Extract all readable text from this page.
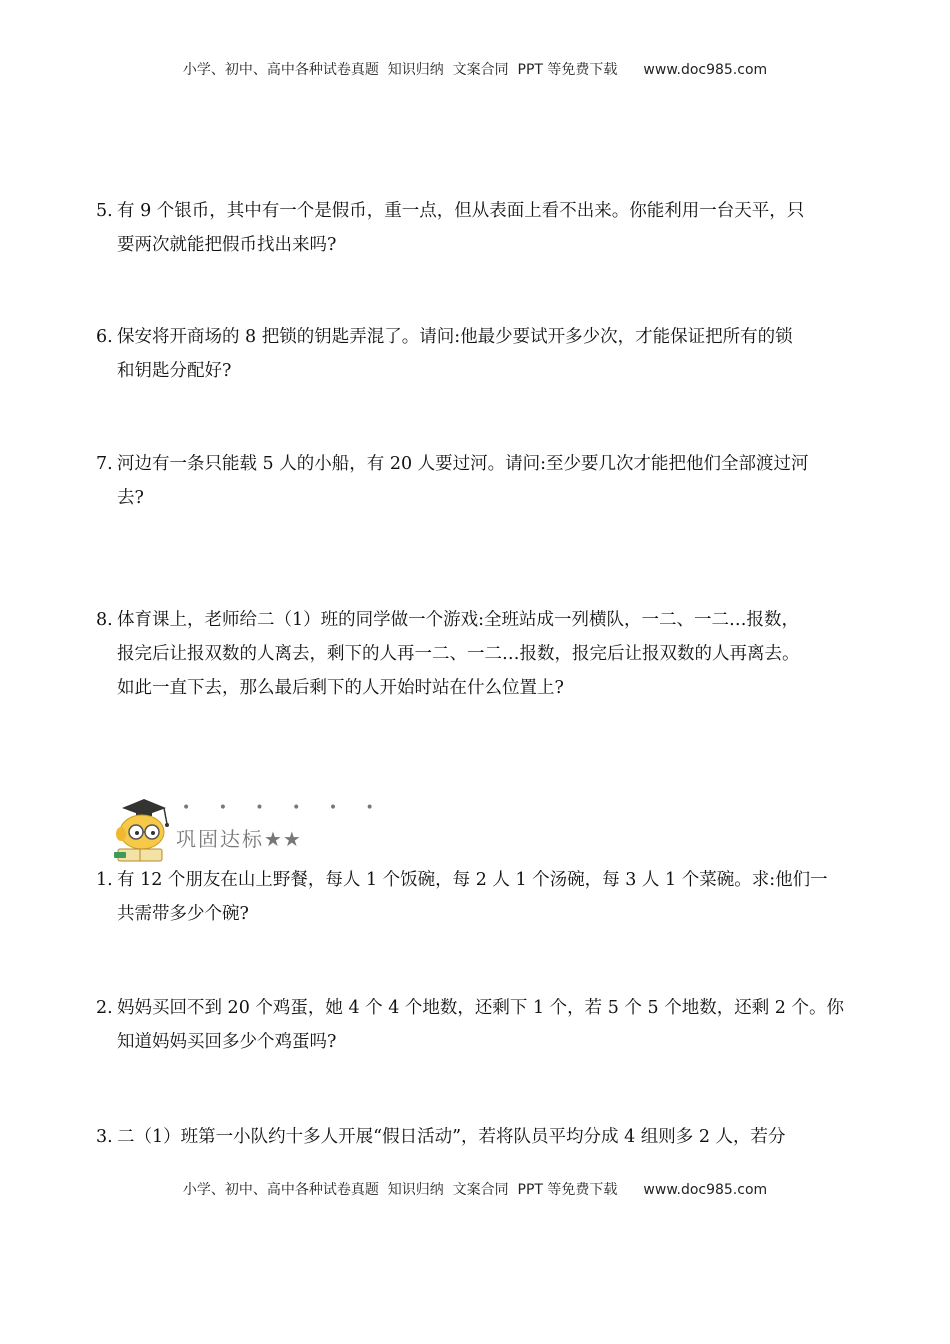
小学、初中、高中各种试卷真题  知识归纳  文案合同  PPT 等免费下载 www.doc985.com
5. 有 9 个银币，其中有一个是假币，重一点，但从表面上看不出来。你能利用一台天平，只
要两次就能把假币找出来吗?
6. 保安将开商场的 8 把锁的钥匙弄混了。请问:他最少要试开多少次，才能保证把所有的锁
和钥匙分配好?
7. 河边有一条只能载 5 人的小船，有 20 人要过河。请问:至少要几次才能把他们全部渡过河
去?
8. 体育课上，老师给二（1）班的同学做一个游戏:全班站成一列横队，一二、一二…报数，
报完后让报双数的人离去，剩下的人再一二、一二…报数，报完后让报双数的人再离去。
如此一直下去，那么最后剩下的人开始时站在什么位置上?
• • • • • •
巩固达标★★
1. 有 12 个朋友在山上野餐，每人 1 个饭碗，每 2 人 1 个汤碗，每 3 人 1 个菜碗。求:他们一
共需带多少个碗?
2. 妈妈买回不到 20 个鸡蛋，她 4 个 4 个地数，还剩下 1 个，若 5 个 5 个地数，还剩 2 个。你
知道妈妈买回多少个鸡蛋吗?
3. 二（1）班第一小队约十多人开展“假日活动”，若将队员平均分成 4 组则多 2 人，若分
小学、初中、高中各种试卷真题  知识归纳  文案合同  PPT 等免费下载 www.doc985.com
